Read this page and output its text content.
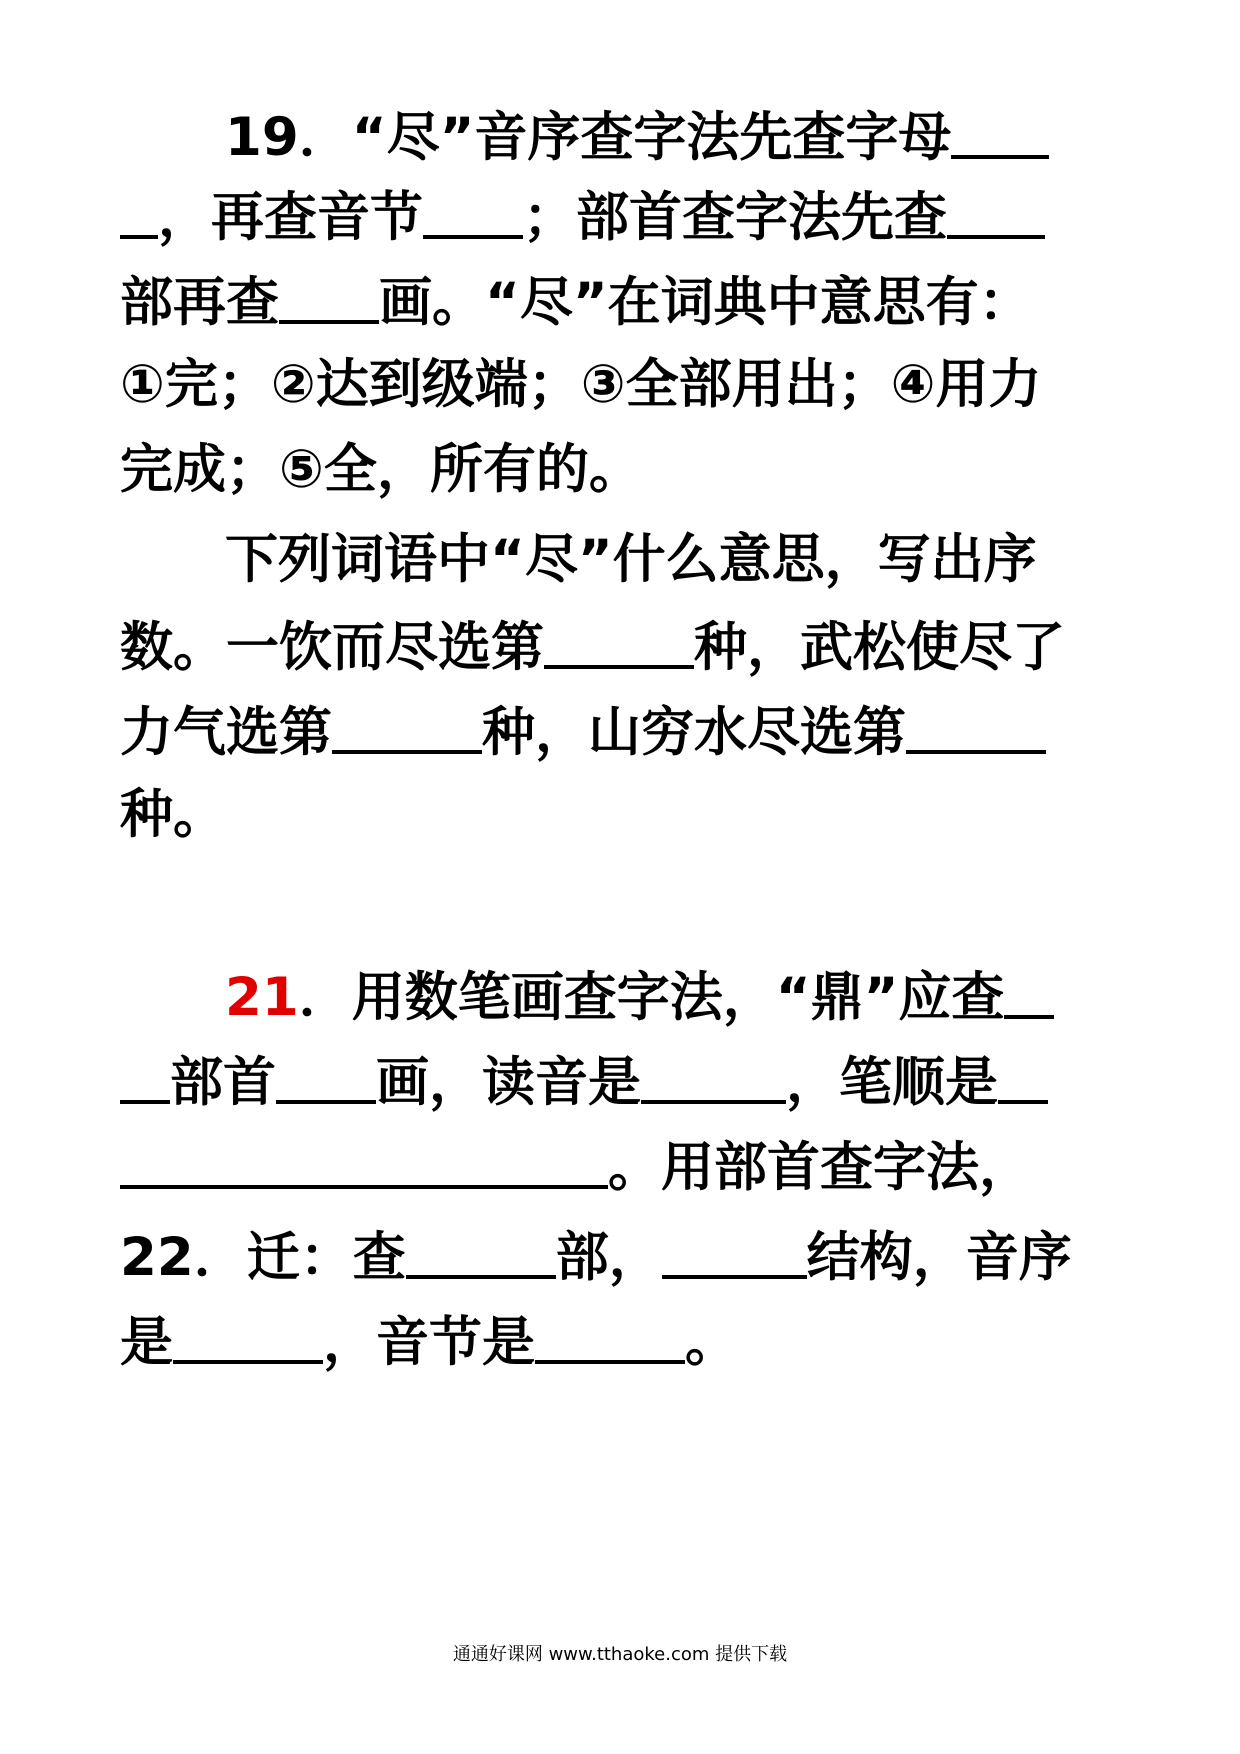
19．“尽”音序查字法先查字母
，再查音节 ；部首查字法先查
部再查 画。“尽”在词典中意思有：
①完；②达到级端；③全部用出；④用力
完成；⑤全，所有的。
下列词语中“尽”什么意思，写出序
数。一饮而尽选第	种，武松使尽了
力气选第	种，山穷水尽选第
种。
21．用数笔画查字法，“鼎”应查
部首 画，读音是	，笔顺是
。用部首查字法，
22．迁：查	部，	结构，音序
是	，音节是	。
通通好课网 www.tthaoke.com 提供下载
